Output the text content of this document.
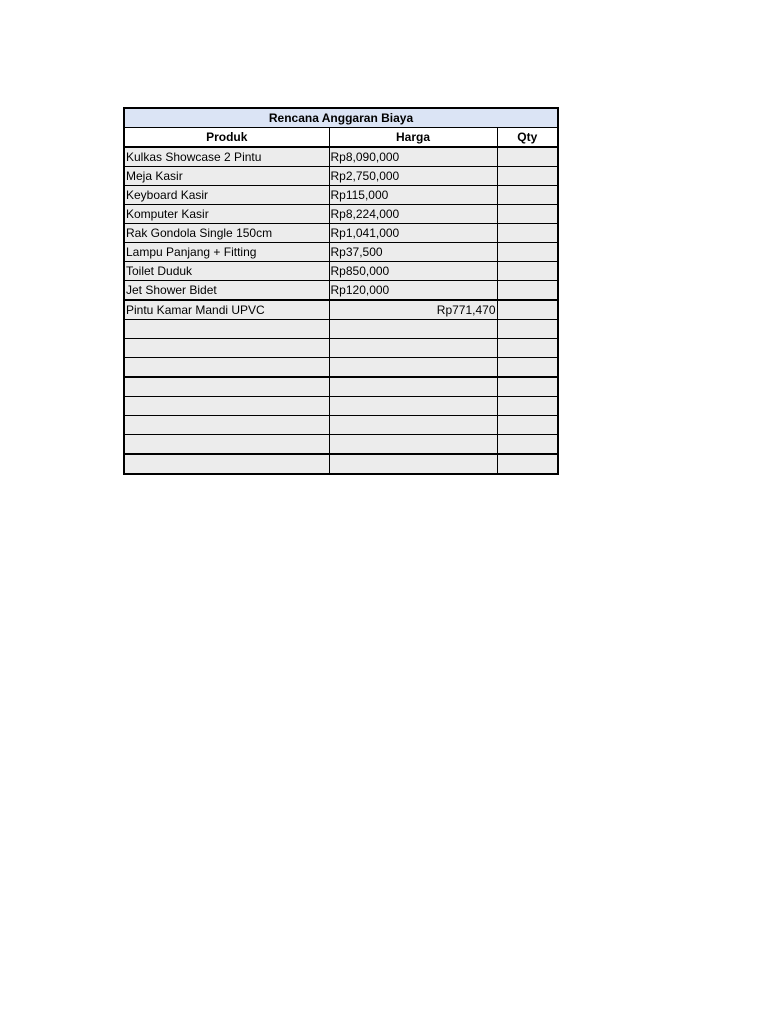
Rencana Anggaran Biaya		
Produk	Harga	Qty
Kulkas Showcase 2 Pintu	Rp8,090,000	
Meja Kasir	Rp2,750,000	
Keyboard Kasir	Rp115,000	
Komputer Kasir	Rp8,224,000	
Rak Gondola Single 150cm	Rp1,041,000	
Lampu Panjang + Fitting	Rp37,500	
Toilet Duduk	Rp850,000	
Jet Shower Bidet	Rp120,000	
Pintu Kamar Mandi UPVC	Rp771,470	
